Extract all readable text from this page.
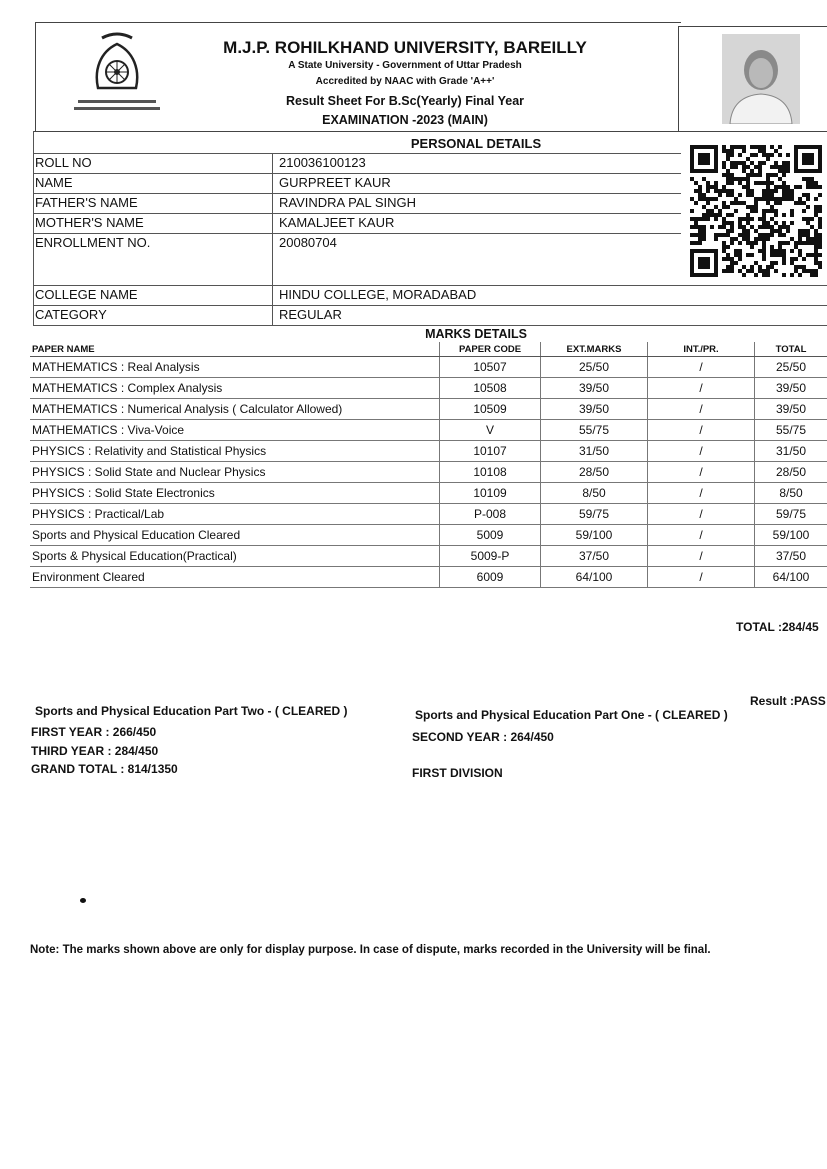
M.J.P. ROHILKHAND UNIVERSITY, BAREILLY
A State University - Government of Uttar Pradesh
Accredited by NAAC with Grade 'A++'
Result Sheet For B.Sc(Yearly) Final Year
EXAMINATION -2023 (MAIN)
PERSONAL DETAILS
ROLL NO	210036100123
NAME	GURPREET KAUR
FATHER'S NAME	RAVINDRA PAL SINGH
MOTHER'S NAME	KAMALJEET KAUR
ENROLLMENT NO.	20080704
COLLEGE NAME	HINDU COLLEGE, MORADABAD
CATEGORY	REGULAR
MARKS DETAILS
PAPER NAME	PAPER CODE	EXT.MARKS	INT./PR.	TOTAL
MATHEMATICS : Real Analysis	10507	25/50	/	25/50
MATHEMATICS : Complex Analysis	10508	39/50	/	39/50
MATHEMATICS : Numerical Analysis ( Calculator Allowed)	10509	39/50	/	39/50
MATHEMATICS : Viva-Voice	V	55/75	/	55/75
PHYSICS : Relativity and Statistical Physics	10107	31/50	/	31/50
PHYSICS : Solid State and Nuclear Physics	10108	28/50	/	28/50
PHYSICS : Solid State Electronics	10109	8/50	/	8/50
PHYSICS : Practical/Lab	P-008	59/75	/	59/75
Sports and Physical Education Cleared	5009	59/100	/	59/100
Sports & Physical Education(Practical)	5009-P	37/50	/	37/50
Environment Cleared	6009	64/100	/	64/100
TOTAL :284/45
Result :PASS
Sports and Physical Education Part Two - ( CLEARED )	Sports and Physical Education Part One - ( CLEARED )
FIRST YEAR : 266/450	SECOND YEAR : 264/450
THIRD YEAR : 284/450
GRAND TOTAL : 814/1350	FIRST DIVISION
Note: The marks shown above are only for display purpose. In case of dispute, marks recorded in the University will be final.
